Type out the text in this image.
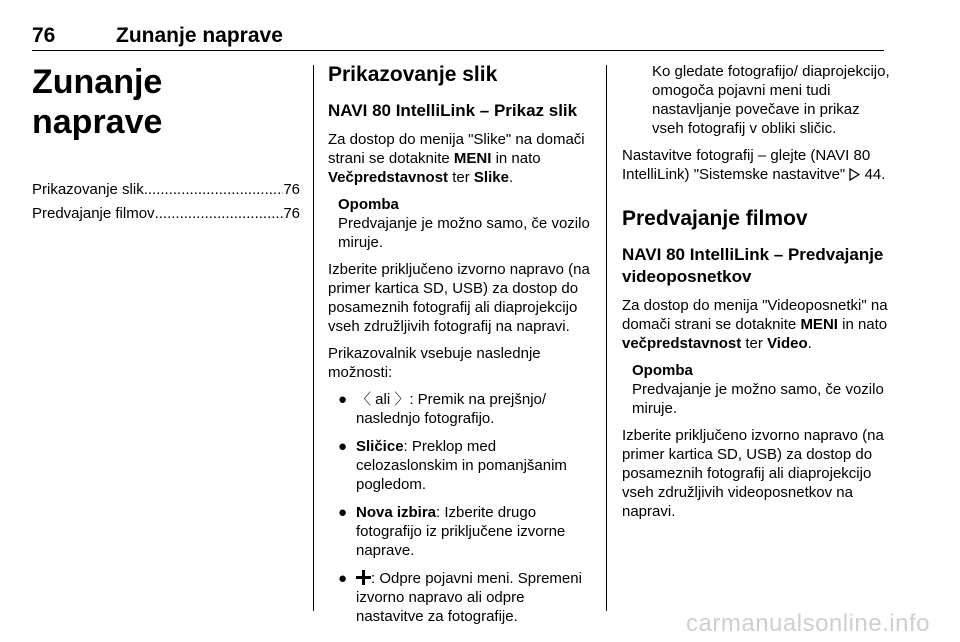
76	Zunanje naprave
Zunanje naprave
Prikazovanje slik .....	76
Predvajanje filmov .....	76
Prikazovanje slik
NAVI 80 IntelliLink – Prikaz slik

Za dostop do menija "Slike" na domači strani se dotaknite MENI in nato Večpredstavnost ter Slike.

Opomba
Predvajanje je možno samo, če vozilo miruje.

Izberite priključeno izvorno napravo (na primer kartica SD, USB) za dostop do posameznih fotografij ali diaprojekcijo vseh združljivih fotografij na napravi.

Prikazovalnik vsebuje naslednje možnosti:

● 〈 ali 〉: Premik na prejšnjo/ naslednjo fotografijo.
● Sličice: Preklop med celozaslonskim in pomanjšanim pogledom.
● Nova izbira: Izberite drugo fotografijo iz priključene izvorne naprave.
● : Odpre pojavni meni. Spremeni izvorno napravo ali odpre nastavitve za fotografije.

Ko gledate fotografijo/ diaprojekcijo, omogoča pojavni meni tudi nastavljanje povečave in prikaz vseh fotografij v obliki sličic.

Nastavitve fotografij – glejte (NAVI 80 IntelliLink) "Sistemske nastavitve"  44.

Predvajanje filmov
NAVI 80 IntelliLink – Predvajanje videoposnetkov

Za dostop do menija "Videoposnetki" na domači strani se dotaknite MENI in nato večpredstavnost ter Video.

Opomba
Predvajanje je možno samo, če vozilo miruje.

Izberite priključeno izvorno napravo (na primer kartica SD, USB) za dostop do posameznih fotografij ali diaprojekcijo vseh združljivih videoposnetkov na napravi.

carmanualsonline.info
